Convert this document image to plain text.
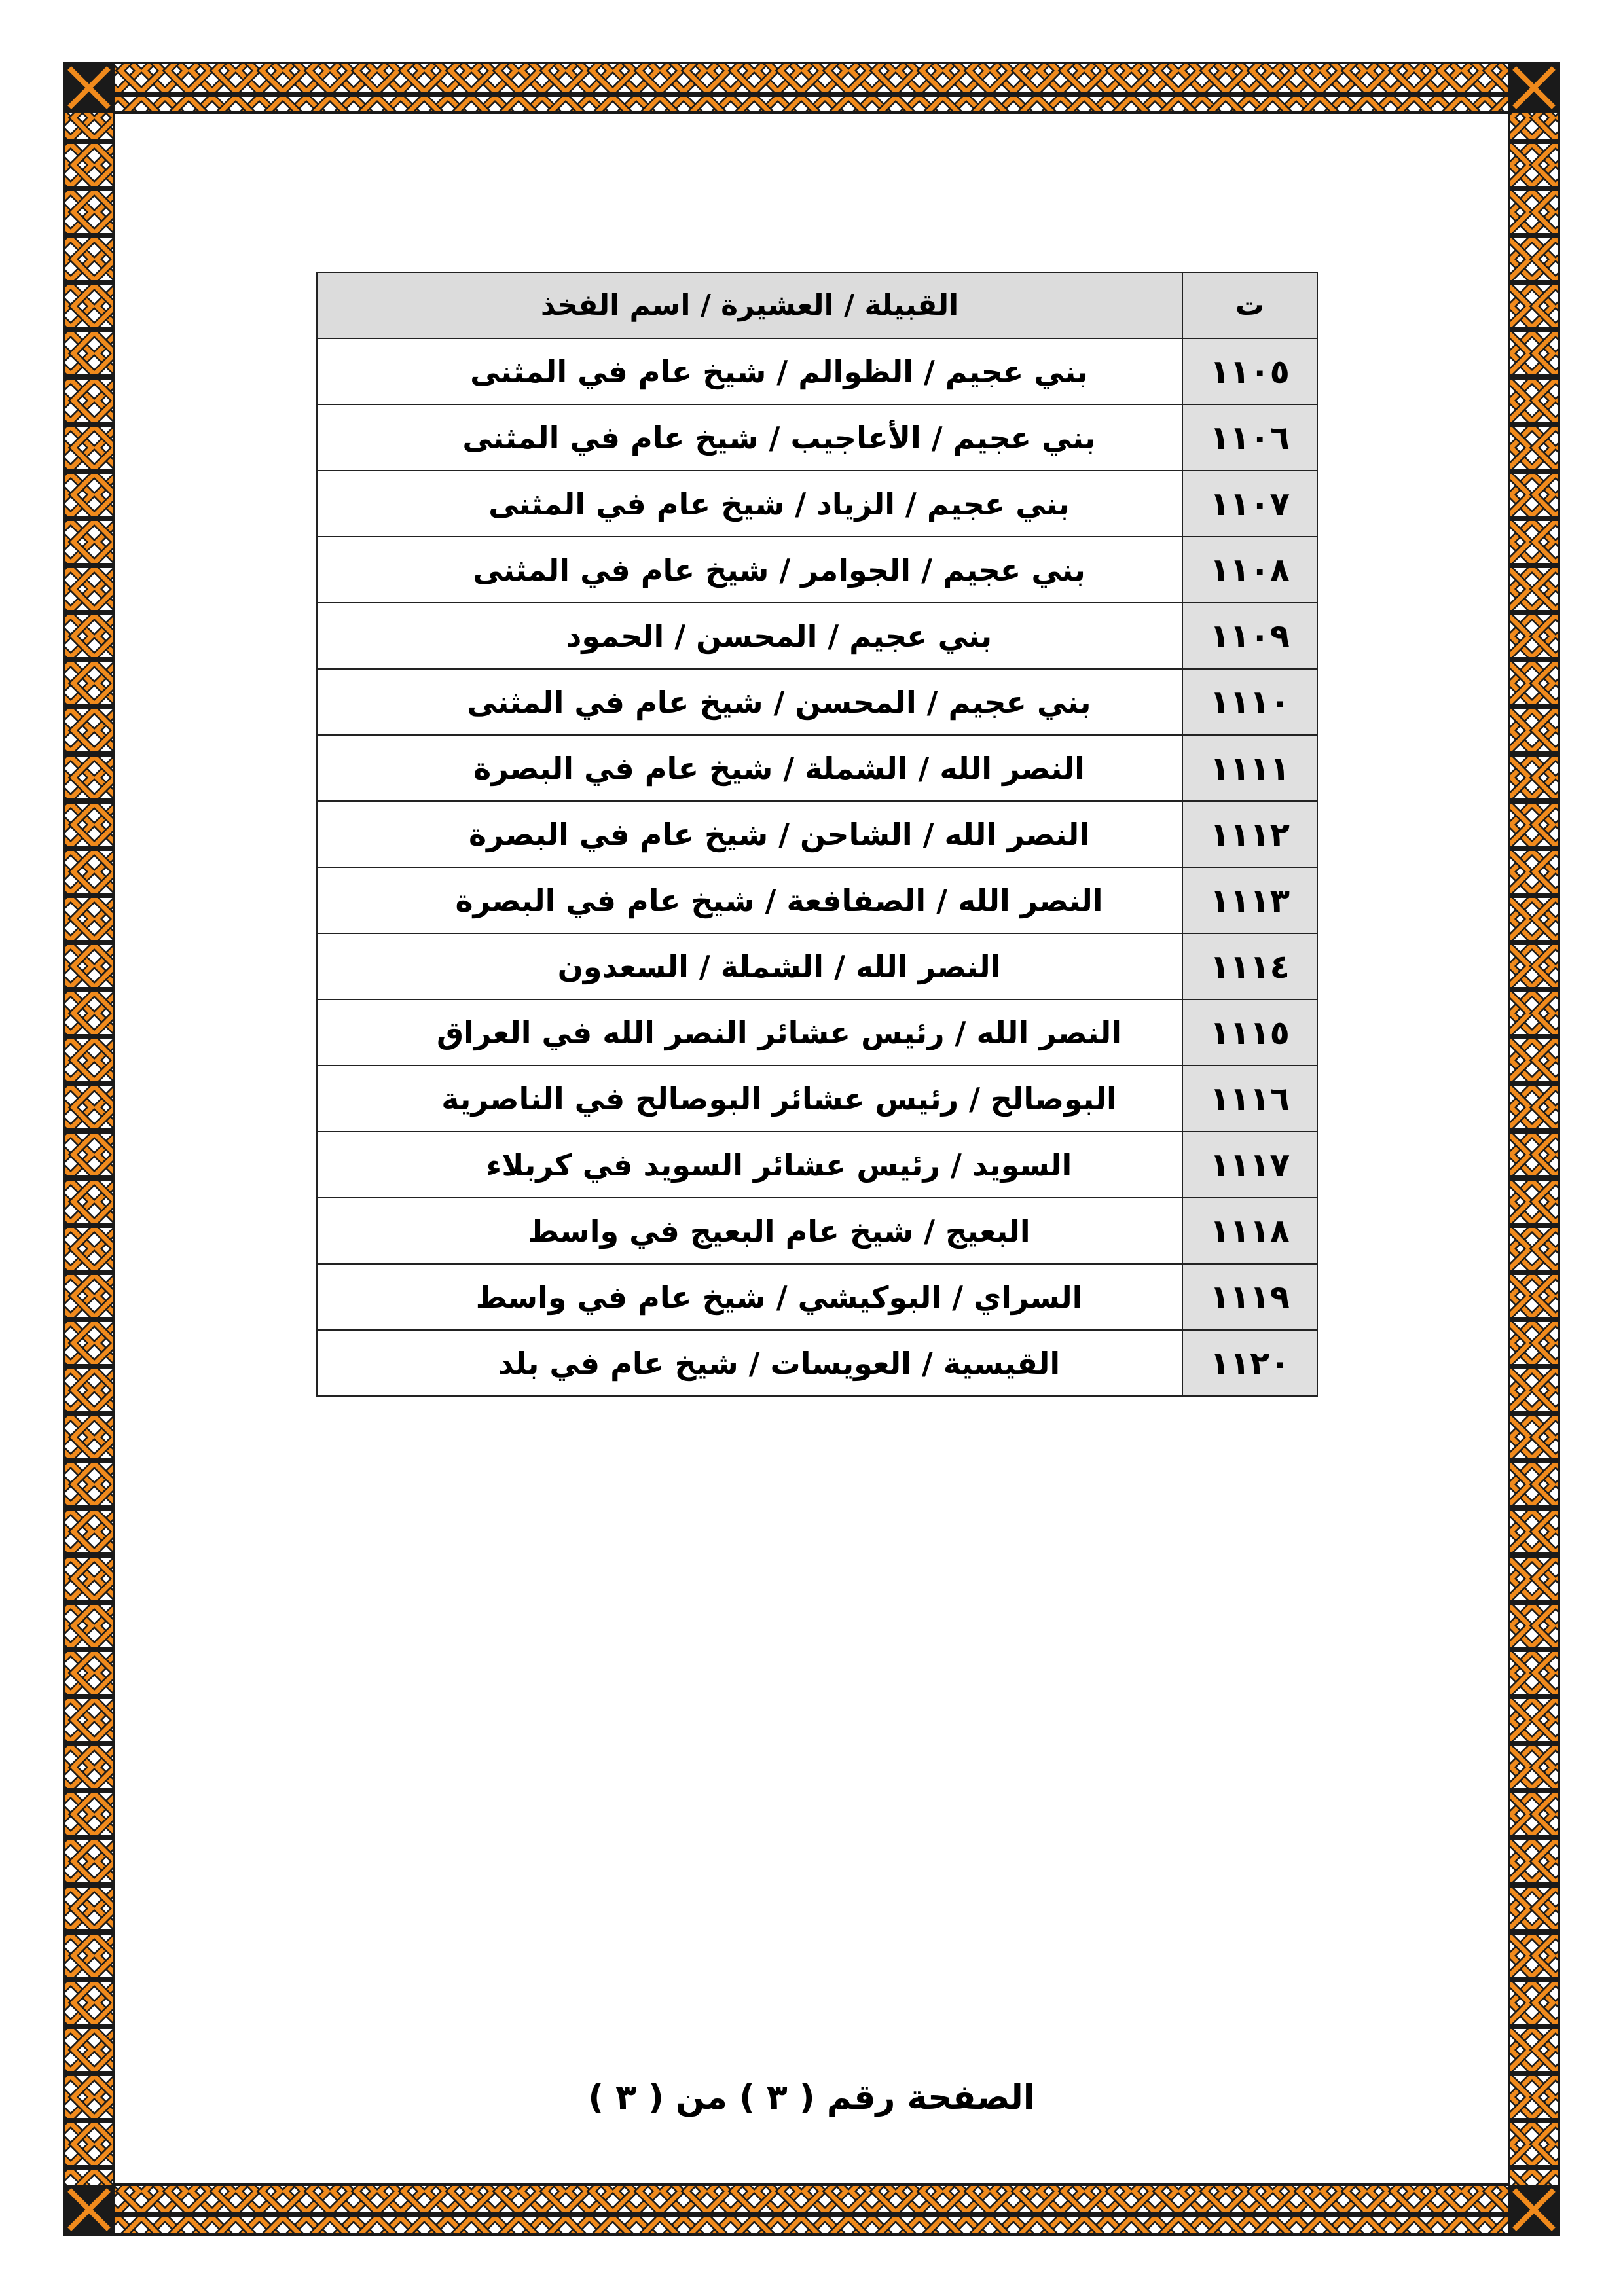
ت	القبيلة / العشيرة / اسم الفخذ
١١٠٥	بني عجيم / الظوالم / شيخ عام في المثنى
١١٠٦	بني عجيم / الأعاجيب / شيخ عام في المثنى
١١٠٧	بني عجيم / الزياد / شيخ عام في المثنى
١١٠٨	بني عجيم / الجوامر / شيخ عام في المثنى
١١٠٩	بني عجيم / المحسن / الحمود
١١١٠	بني عجيم / المحسن / شيخ عام في المثنى
١١١١	النصر الله / الشملة / شيخ عام في البصرة
١١١٢	النصر الله / الشاحن / شيخ عام في البصرة
١١١٣	النصر الله / الصفافعة / شيخ عام في البصرة
١١١٤	النصر الله / الشملة / السعدون
١١١٥	النصر الله / رئيس عشائر النصر الله في العراق
١١١٦	البوصالح / رئيس عشائر البوصالح في الناصرية
١١١٧	السويد / رئيس عشائر السويد في كربلاء
١١١٨	البعيج / شيخ عام البعيج في واسط
١١١٩	السراي / البوكيشي / شيخ عام في واسط
١١٢٠	القيسية / العويسات / شيخ عام في بلد
الصفحة رقم ( ٣ ) من ( ٣ )
